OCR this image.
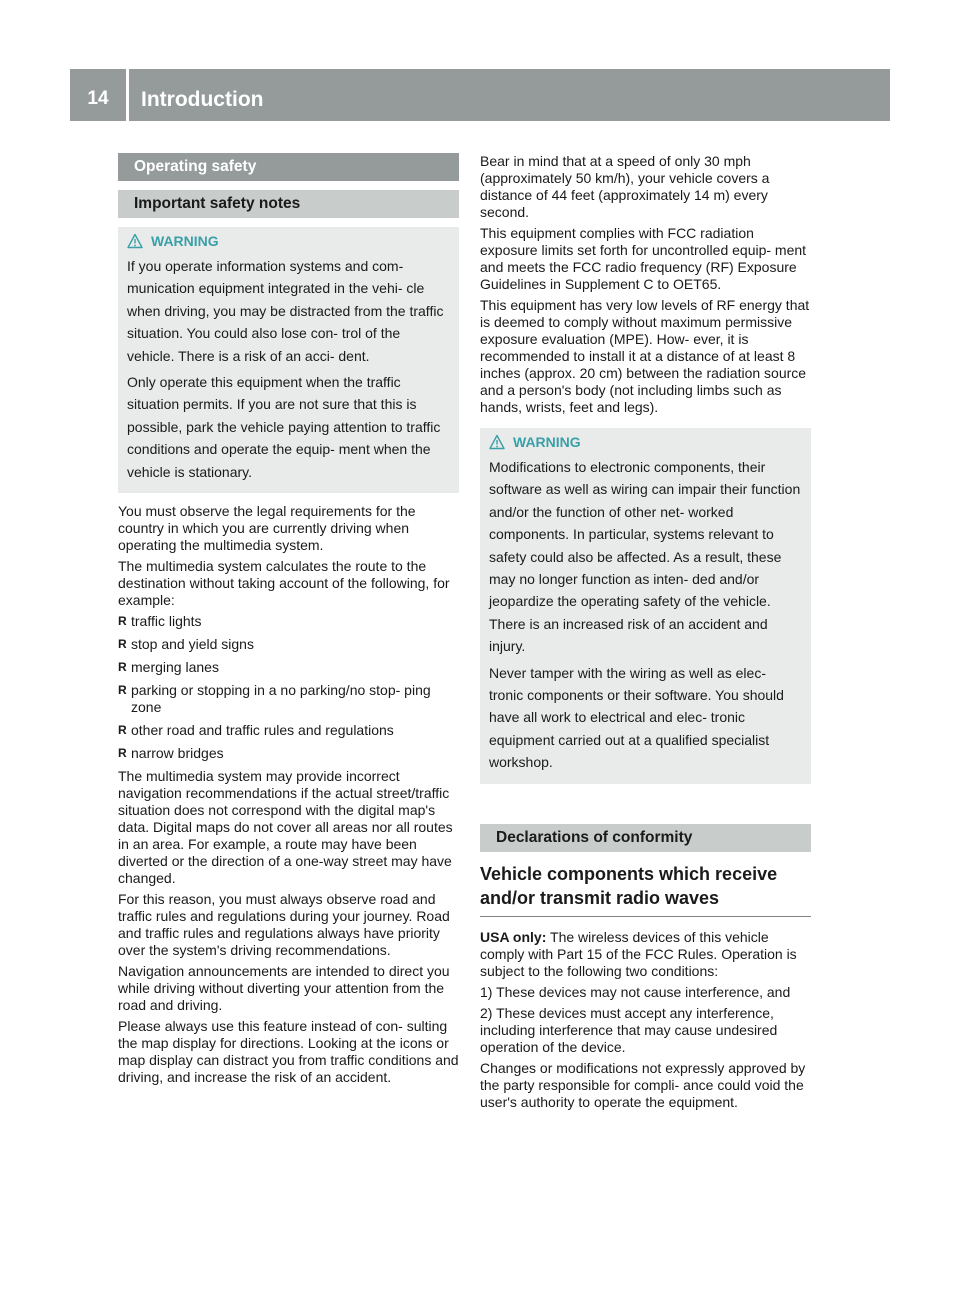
14	Introduction
Operating safety
Important safety notes
WARNING

If you operate information systems and com- munication equipment integrated in the vehi- cle when driving, you may be distracted from the traffic situation. You could also lose con- trol of the vehicle. There is a risk of an acci- dent.

Only operate this equipment when the traffic situation permits. If you are not sure that this is possible, park the vehicle paying attention to traffic conditions and operate the equip- ment when the vehicle is stationary.

You must observe the legal requirements for the country in which you are currently driving when operating the multimedia system.

The multimedia system calculates the route to the destination without taking account of the following, for example:

R traffic lights
R stop and yield signs
R merging lanes
R parking or stopping in a no parking/no stop- ping zone
R other road and traffic rules and regulations
R narrow bridges

The multimedia system may provide incorrect navigation recommendations if the actual street/traffic situation does not correspond with the digital map's data. Digital maps do not cover all areas nor all routes in an area. For example, a route may have been diverted or the direction of a one-way street may have changed.

For this reason, you must always observe road and traffic rules and regulations during your journey. Road and traffic rules and regulations always have priority over the system's driving recommendations.

Navigation announcements are intended to direct you while driving without diverting your attention from the road and driving.

Please always use this feature instead of con- sulting the map display for directions. Looking at the icons or map display can distract you from traffic conditions and driving, and increase the risk of an accident.

Bear in mind that at a speed of only 30 mph (approximately 50 km/h), your vehicle covers a distance of 44 feet (approximately 14 m) every second.

This equipment complies with FCC radiation exposure limits set forth for uncontrolled equip- ment and meets the FCC radio frequency (RF) Exposure Guidelines in Supplement C to OET65.

This equipment has very low levels of RF energy that is deemed to comply without maximum permissive exposure evaluation (MPE). How- ever, it is recommended to install it at a distance of at least 8 inches (approx. 20 cm) between the radiation source and a person's body (not including limbs such as hands, wrists, feet and legs).

WARNING

Modifications to electronic components, their software as well as wiring can impair their function and/or the function of other net- worked components. In particular, systems relevant to safety could also be affected. As a result, these may no longer function as inten- ded and/or jeopardize the operating safety of the vehicle. There is an increased risk of an accident and injury.

Never tamper with the wiring as well as elec- tronic components or their software. You should have all work to electrical and elec- tronic equipment carried out at a qualified specialist workshop.

Declarations of conformity
Vehicle components which receive and/or transmit radio waves

USA only: The wireless devices of this vehicle comply with Part 15 of the FCC Rules. Operation is subject to the following two conditions:

1) These devices may not cause interference, and

2) These devices must accept any interference, including interference that may cause undesired operation of the device.

Changes or modifications not expressly approved by the party responsible for compli- ance could void the user's authority to operate the equipment.
